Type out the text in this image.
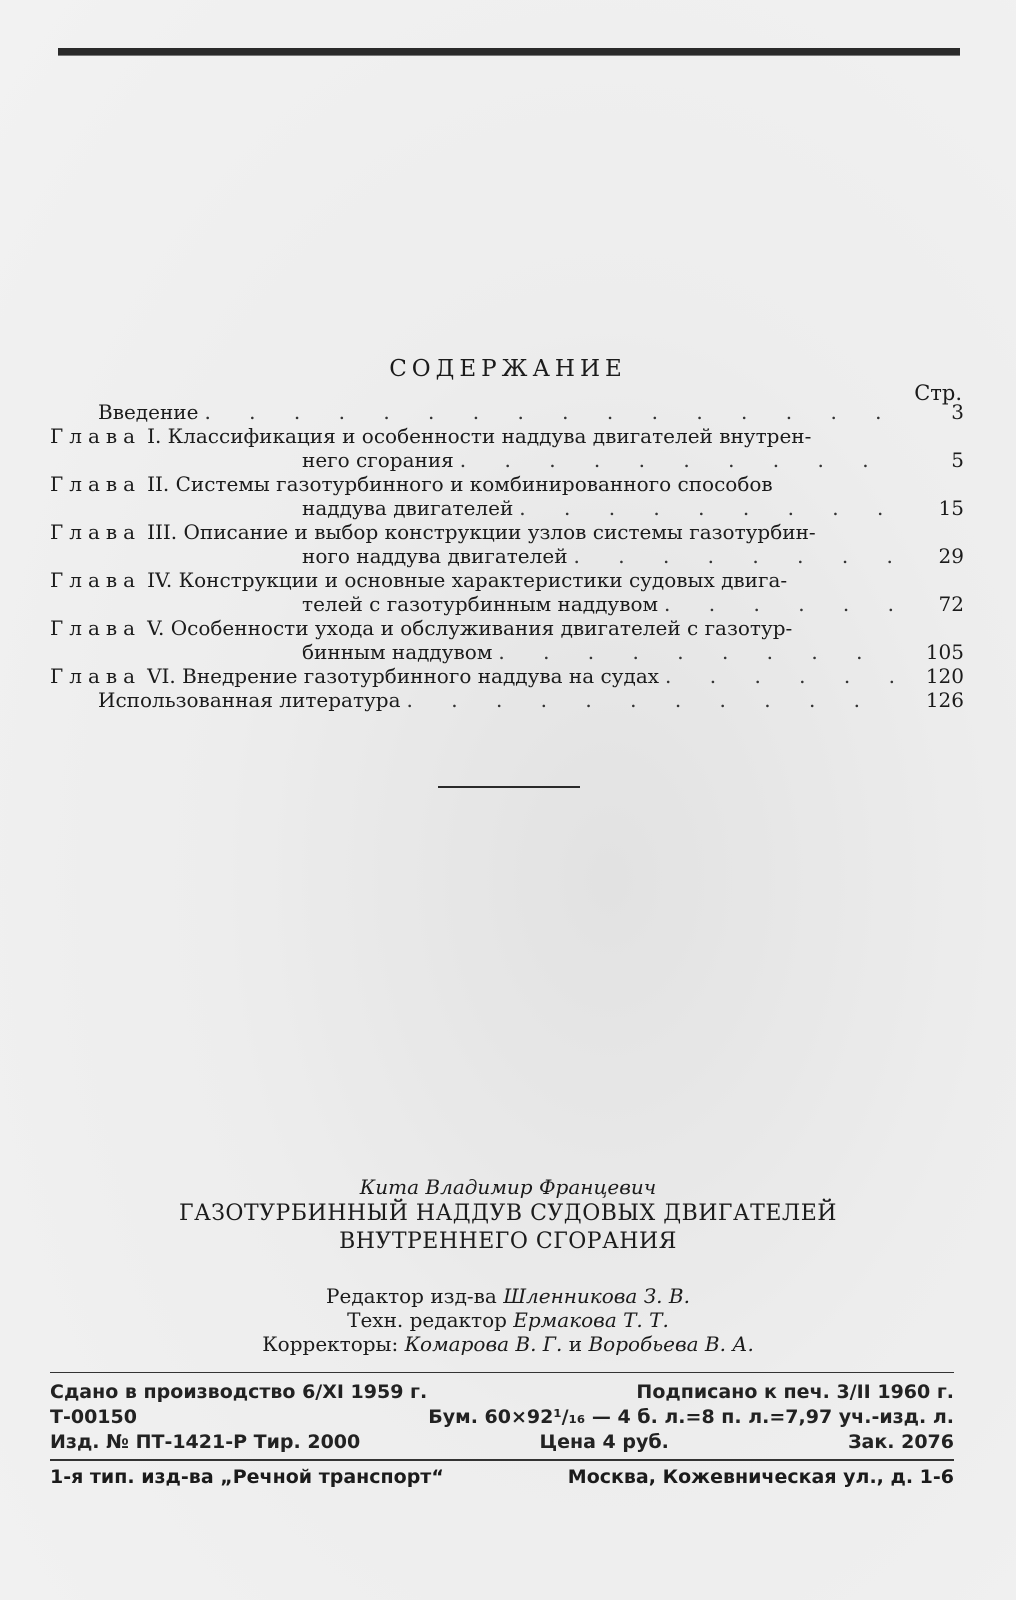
СОДЕРЖАНИЕ
Стр.
Введение . . .	3
Глава I. Классификация и особенности наддува двигателей внутрен-
него сгорания . . .	5
Глава II. Системы газотурбинного и комбинированного способов
наддува двигателей . . .	15
Глава III. Описание и выбор конструкции узлов системы газотурбин-
ного наддува двигателей . . .	29
Глава IV. Конструкции и основные характеристики судовых двига-
телей с газотурбинным наддувом . . .	72
Глава V. Особенности ухода и обслуживания двигателей с газотур-
бинным наддувом . . .	105
Глава VI. Внедрение газотурбинного наддува на судах . . .	120
Использованная литература . . .	126
Кита Владимир Францевич
ГАЗОТУРБИННЫЙ НАДДУВ СУДОВЫХ ДВИГАТЕЛЕЙ
ВНУТРЕННЕГО СГОРАНИЯ
Редактор изд-ва Шленникова З. В.
Техн. редактор Ермакова Т. Т.
Корректоры: Комарова В. Г. и Воробьева В. А.
Сдано в производство 6/XI 1959 г.	Подписано к печ. 3/II 1960 г.
Т-00150	Бум. 60×92¹/₁₆ — 4 б. л.=8 п. л.=7,97 уч.-изд. л.
Изд. № ПТ-1421-Р Тир. 2000	Цена 4 руб.	Зак. 2076
1-я тип. изд-ва „Речной транспорт“	Москва, Кожевническая ул., д. 1-6
